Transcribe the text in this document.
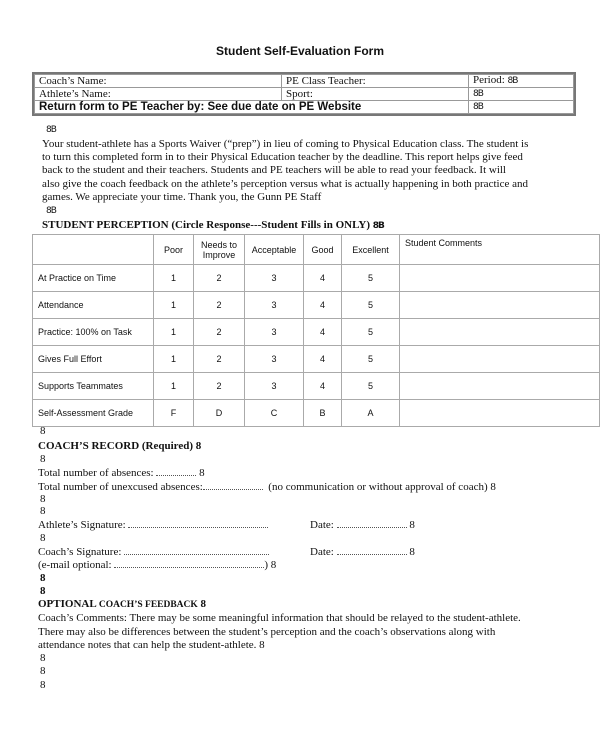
Student Self-Evaluation Form
Coach’s Name:	PE Class Teacher:	Period: 8B
Athlete’s Name:	Sport:	8B
Return form to PE Teacher by: See due date on PE Website		8B
8B
Your student-athlete has a Sports Waiver (“prep”) in lieu of coming to Physical Education class. The student is
to turn this completed form in to their Physical Education teacher by the deadline. This report helps give feed
back to the student and their teachers. Students and PE teachers will be able to read your feedback. It will
also give the coach feedback on the athlete’s perception versus what is actually happening in both practice and
games. We appreciate your time. Thank you, the Gunn PE Staff
8B
STUDENT PERCEPTION (Circle Response---Student Fills in ONLY) 8B
	Poor	Needs to Improve	Acceptable	Good	Excellent	Student Comments
At Practice on Time	1	2	3	4	5	
Attendance	1	2	3	4	5	
Practice: 100% on Task	1	2	3	4	5	
Gives Full Effort	1	2	3	4	5	
Supports Teammates	1	2	3	4	5	
Self-Assessment Grade	F	D	C	B	A	
8
COACH’S RECORD (Required) 8
8
Total number of absences:	8
Total number of unexcused absences:	(no communication or without approval of coach) 8
8
8
Athlete’s Signature:	Date:	8
8
Coach’s Signature:	Date:	8
(e-mail optional:	) 8
8
8
OPTIONAL COACH’S FEEDBACK 8
Coach’s Comments: There may be some meaningful information that should be relayed to the student-athlete.
There may also be differences between the student’s perception and the coach’s observations along with
attendance notes that can help the student-athlete. 8
8
8
8
